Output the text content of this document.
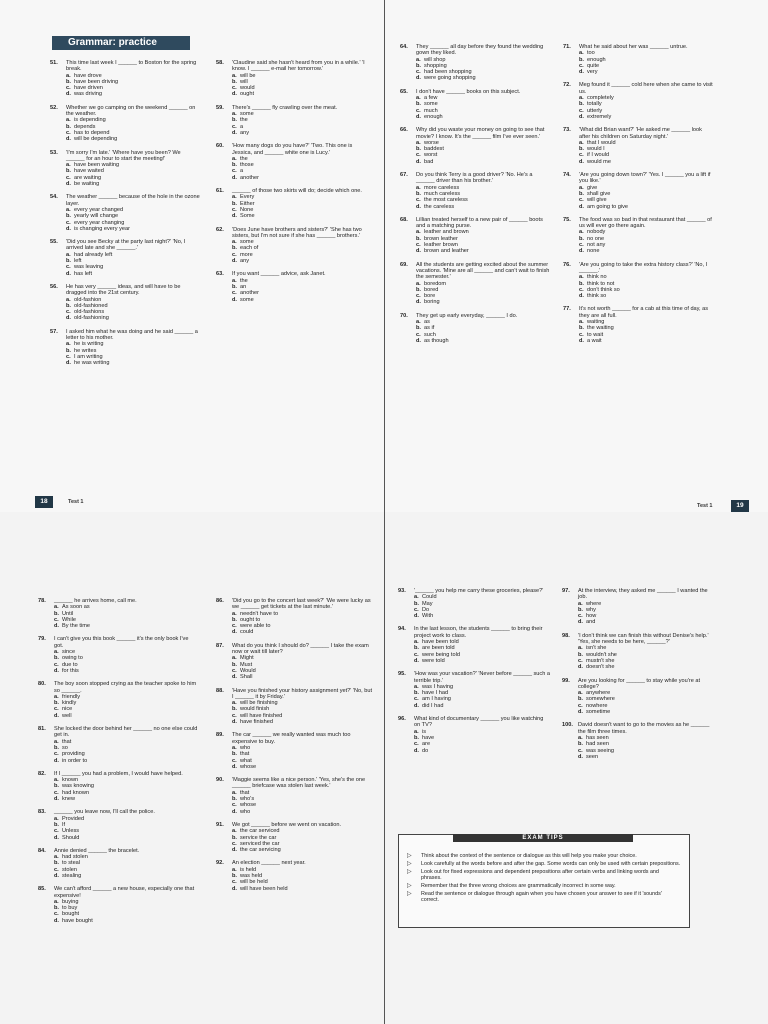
Grammar: practice
51.	This time last week I ______ to Boston for the spring break.
a. have drove
b. have been driving
c. have driven
d. was driving
52.	Whether we go camping on the weekend ______ on the weather.
a. is depending
b. depends
c. has to depend
d. will be depending
53.	'I'm sorry I'm late.' 'Where have you been? We ______ for an hour to start the meeting!'
a. have been waiting
b. have waited
c. are waiting
d. be waiting
54.	The weather ______ because of the hole in the ozone layer.
a. every year changed
b. yearly will change
c. every year changing
d. is changing every year
55.	'Did you see Becky at the party last night?' 'No, I arrived late and she ______.'
a. had already left
b. left
c. was leaving
d. has left
56.	He has very ______ ideas, and will have to be dragged into the 21st century.
a. old-fashion
b. old-fashioned
c. old-fashions
d. old-fashioning
57.	I asked him what he was doing and he said ______ a letter to his mother.
a. he is writing
b. he writes
c. I am writing
d. he was writing
58.	'Claudine said she hasn't heard from you in a while.' 'I know. I ______ e-mail her tomorrow.'
a. will be
b. will
c. would
d. ought
59.	There's ______ fly crawling over the meat.
a. some
b. the
c. a
d. any
60.	'How many dogs do you have?' 'Two. This one is Jessica, and ______ white one is Lucy.'
a. the
b. those
c. a
d. another
61.	______ of those two skirts will do; decide which one.
a. Every
b. Either
c. None
d. Some
62.	'Does June have brothers and sisters?' 'She has two sisters, but I'm not sure if she has ______ brothers.'
a. some
b. each of
c. more
d. any
63.	If you want ______ advice, ask Janet.
a. the
b. an
c. another
d. some
64.	They ______ all day before they found the wedding gown they liked.
a. will shop
b. shopping
c. had been shopping
d. were going shopping
65.	I don't have ______ books on this subject.
a. a few
b. some
c. much
d. enough
66.	Why did you waste your money on going to see that movie? I know. It's the ______ film I've ever seen.'
a. worse
b. baddest
c. worst
d. bad
67.	Do you think Terry is a good driver? 'No. He's a ______ driver than his brother.'
a. more careless
b. much careless
c. the most careless
d. the careless
68.	Lillian treated herself to a new pair of ______ boots and a matching purse.
a. leather and brown
b. brown leather
c. leather brown
d. brown and leather
69.	All the students are getting excited about the summer vacations. 'Mine are all ______ and can't wait to finish the semester.'
a. boredom
b. bored
c. bore
d. boring
70.	They get up early everyday, ______ I do.
a. as
b. as if
c. such
d. as though
71.	What he said about her was ______ untrue.
a. too
b. enough
c. quite
d. very
72.	Meg found it ______ cold here when she came to visit us.
a. completely
b. totally
c. utterly
d. extremely
73.	'What did Brian want?' 'He asked me ______ look after his children on Saturday night.'
a. that I would
b. would I
c. if I would
d. would me
74.	'Are you going down town?' 'Yes. I ______ you a lift if you like.'
a. give
b. shall give
c. will give
d. am going to give
75.	The food was so bad in that restaurant that ______ of us will ever go there again.
a. nobody
b. no one
c. not any
d. none
76.	'Are you going to take the extra history class?' 'No, I ______.'
a. think no
b. think to not
c. don't think so
d. think so
77.	It's not worth ______ for a cab at this time of day, as they are all full.
a. waiting
b. the waiting
c. to wait
d. a wait
18	Test 1
Test 1	19
78.	______ he arrives home, call me.
a. As soon as
b. Until
c. While
d. By the time
79.	I can't give you this book ______ it's the only book I've got.
a. since
b. owing to
c. due to
d. for this
80.	The boy soon stopped crying as the teacher spoke to him so ______.
a. friendly
b. kindly
c. nice
d. well
81.	She locked the door behind her ______ no one else could get in.
a. that
b. so
c. providing
d. in order to
82.	If I ______ you had a problem, I would have helped.
a. known
b. was knowing
c. had known
d. knew
83.	______ you leave now, I'll call the police.
a. Provided
b. If
c. Unless
d. Should
84.	Annie denied ______ the bracelet.
a. had stolen
b. to steal
c. stolen
d. stealing
85.	We can't afford ______ a new house, especially one that expensive!
a. buying
b. to buy
c. bought
d. have bought
86.	'Did you go to the concert last week?' 'We were lucky as we ______ get tickets at the last minute.'
a. needn't have to
b. ought to
c. were able to
d. could
87.	What do you think I should do? ______ I take the exam now or wait till later?
a. Might
b. Must
c. Would
d. Shall
88.	'Have you finished your history assignment yet?' 'No, but I ______ it by Friday.'
a. will be finishing
b. would finish
c. will have finished
d. have finished
89.	The car ______ we really wanted was much too expensive to buy.
a. who
b. that
c. what
d. whose
90.	'Maggie seems like a nice person.' 'Yes, she's the one ______ briefcase was stolen last week.'
a. that
b. who's
c. whose
d. who
91.	We got ______ before we went on vacation.
a. the car serviced
b. service the car
c. serviced the car
d. the car servicing
92.	An election ______ next year.
a. is held
b. was held
c. will be held
d. will have been held
93.	'______ you help me carry these groceries, please?'
a. Could
b. May
c. Do
d. With
94.	In the last lesson, the students ______ to bring their project work to class.
a. have been told
b. are been told
c. were being told
d. were told
95.	'How was your vacation?' 'Never before ______ such a terrible trip.'
a. was I having
b. have I had
c. am I having
d. did I had
96.	What kind of documentary ______ you like watching on TV?
a. is
b. have
c. are
d. do
97.	At the interview, they asked me ______ I wanted the job.
a. where
b. why
c. how
d. and
98.	'I don't think we can finish this without Denise's help.' 'Yes, she needs to be here, ______?'
a. isn't she
b. wouldn't she
c. mustn't she
d. doesn't she
99.	Are you looking for ______ to stay while you're at college?
a. anywhere
b. somewhere
c. nowhere
d. sometime
100. David doesn't want to go to the movies as he ______ the film three times.
a. has seen
b. had seen
c. was seeing
d. seen
EXAM TIPS
▷	Think about the context of the sentence or dialogue as this will help you make your choice.
▷	Look carefully at the words before and after the gap. Some words can only be used with certain prepositions.
▷	Look out for fixed expressions and dependent prepositions after certain verbs and linking words and phrases.
▷	Remember that the three wrong choices are grammatically incorrect in some way.
▷	Read the sentence or dialogue through again when you have chosen your answer to see if it 'sounds' correct.
